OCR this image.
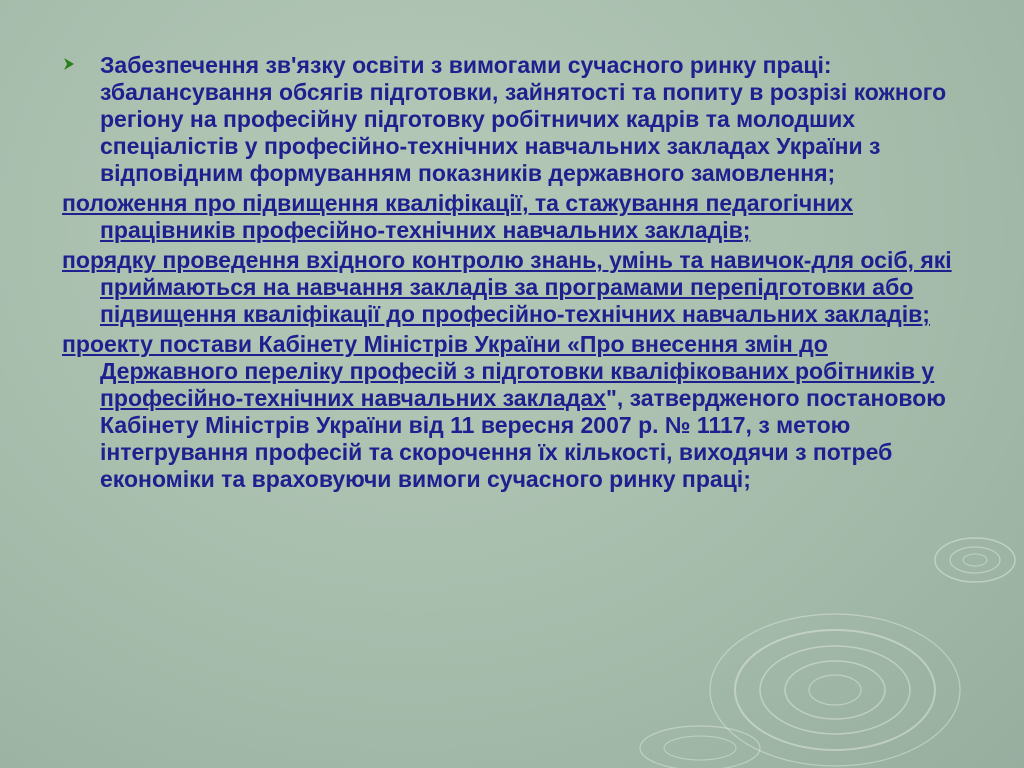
Забезпечення зв'язку освіти з вимогами сучасного ринку праці: збалансування обсягів підготовки, зайнятості та попиту в розрізі кожного регіону на професійну підготовку робітничих кадрів та молодших спеціалістів у професійно-технічних навчальних закладах України з відповідним формуванням показників державного замовлення;

положення про підвищення кваліфікації, та стажування педагогічних працівників професійно-технічних навчальних закладів;

порядку проведення вхідного контролю знань, умінь та навичок-для осіб, які приймаються на навчання закладів за програмами перепідготовки або підвищення кваліфікації до професійно-технічних навчальних закладів;

проекту постави Кабінету Міністрів України «Про внесення змін до Державного переліку професій з підготовки кваліфікованих робітників у професійно-технічних навчальних закладах", затвердженого постановою Кабінету Міністрів України від 11 вересня 2007 р. № 1117, з метою інтегрування професій та скорочення їх кількості, виходячи з потреб економіки та враховуючи вимоги сучасного ринку праці;
